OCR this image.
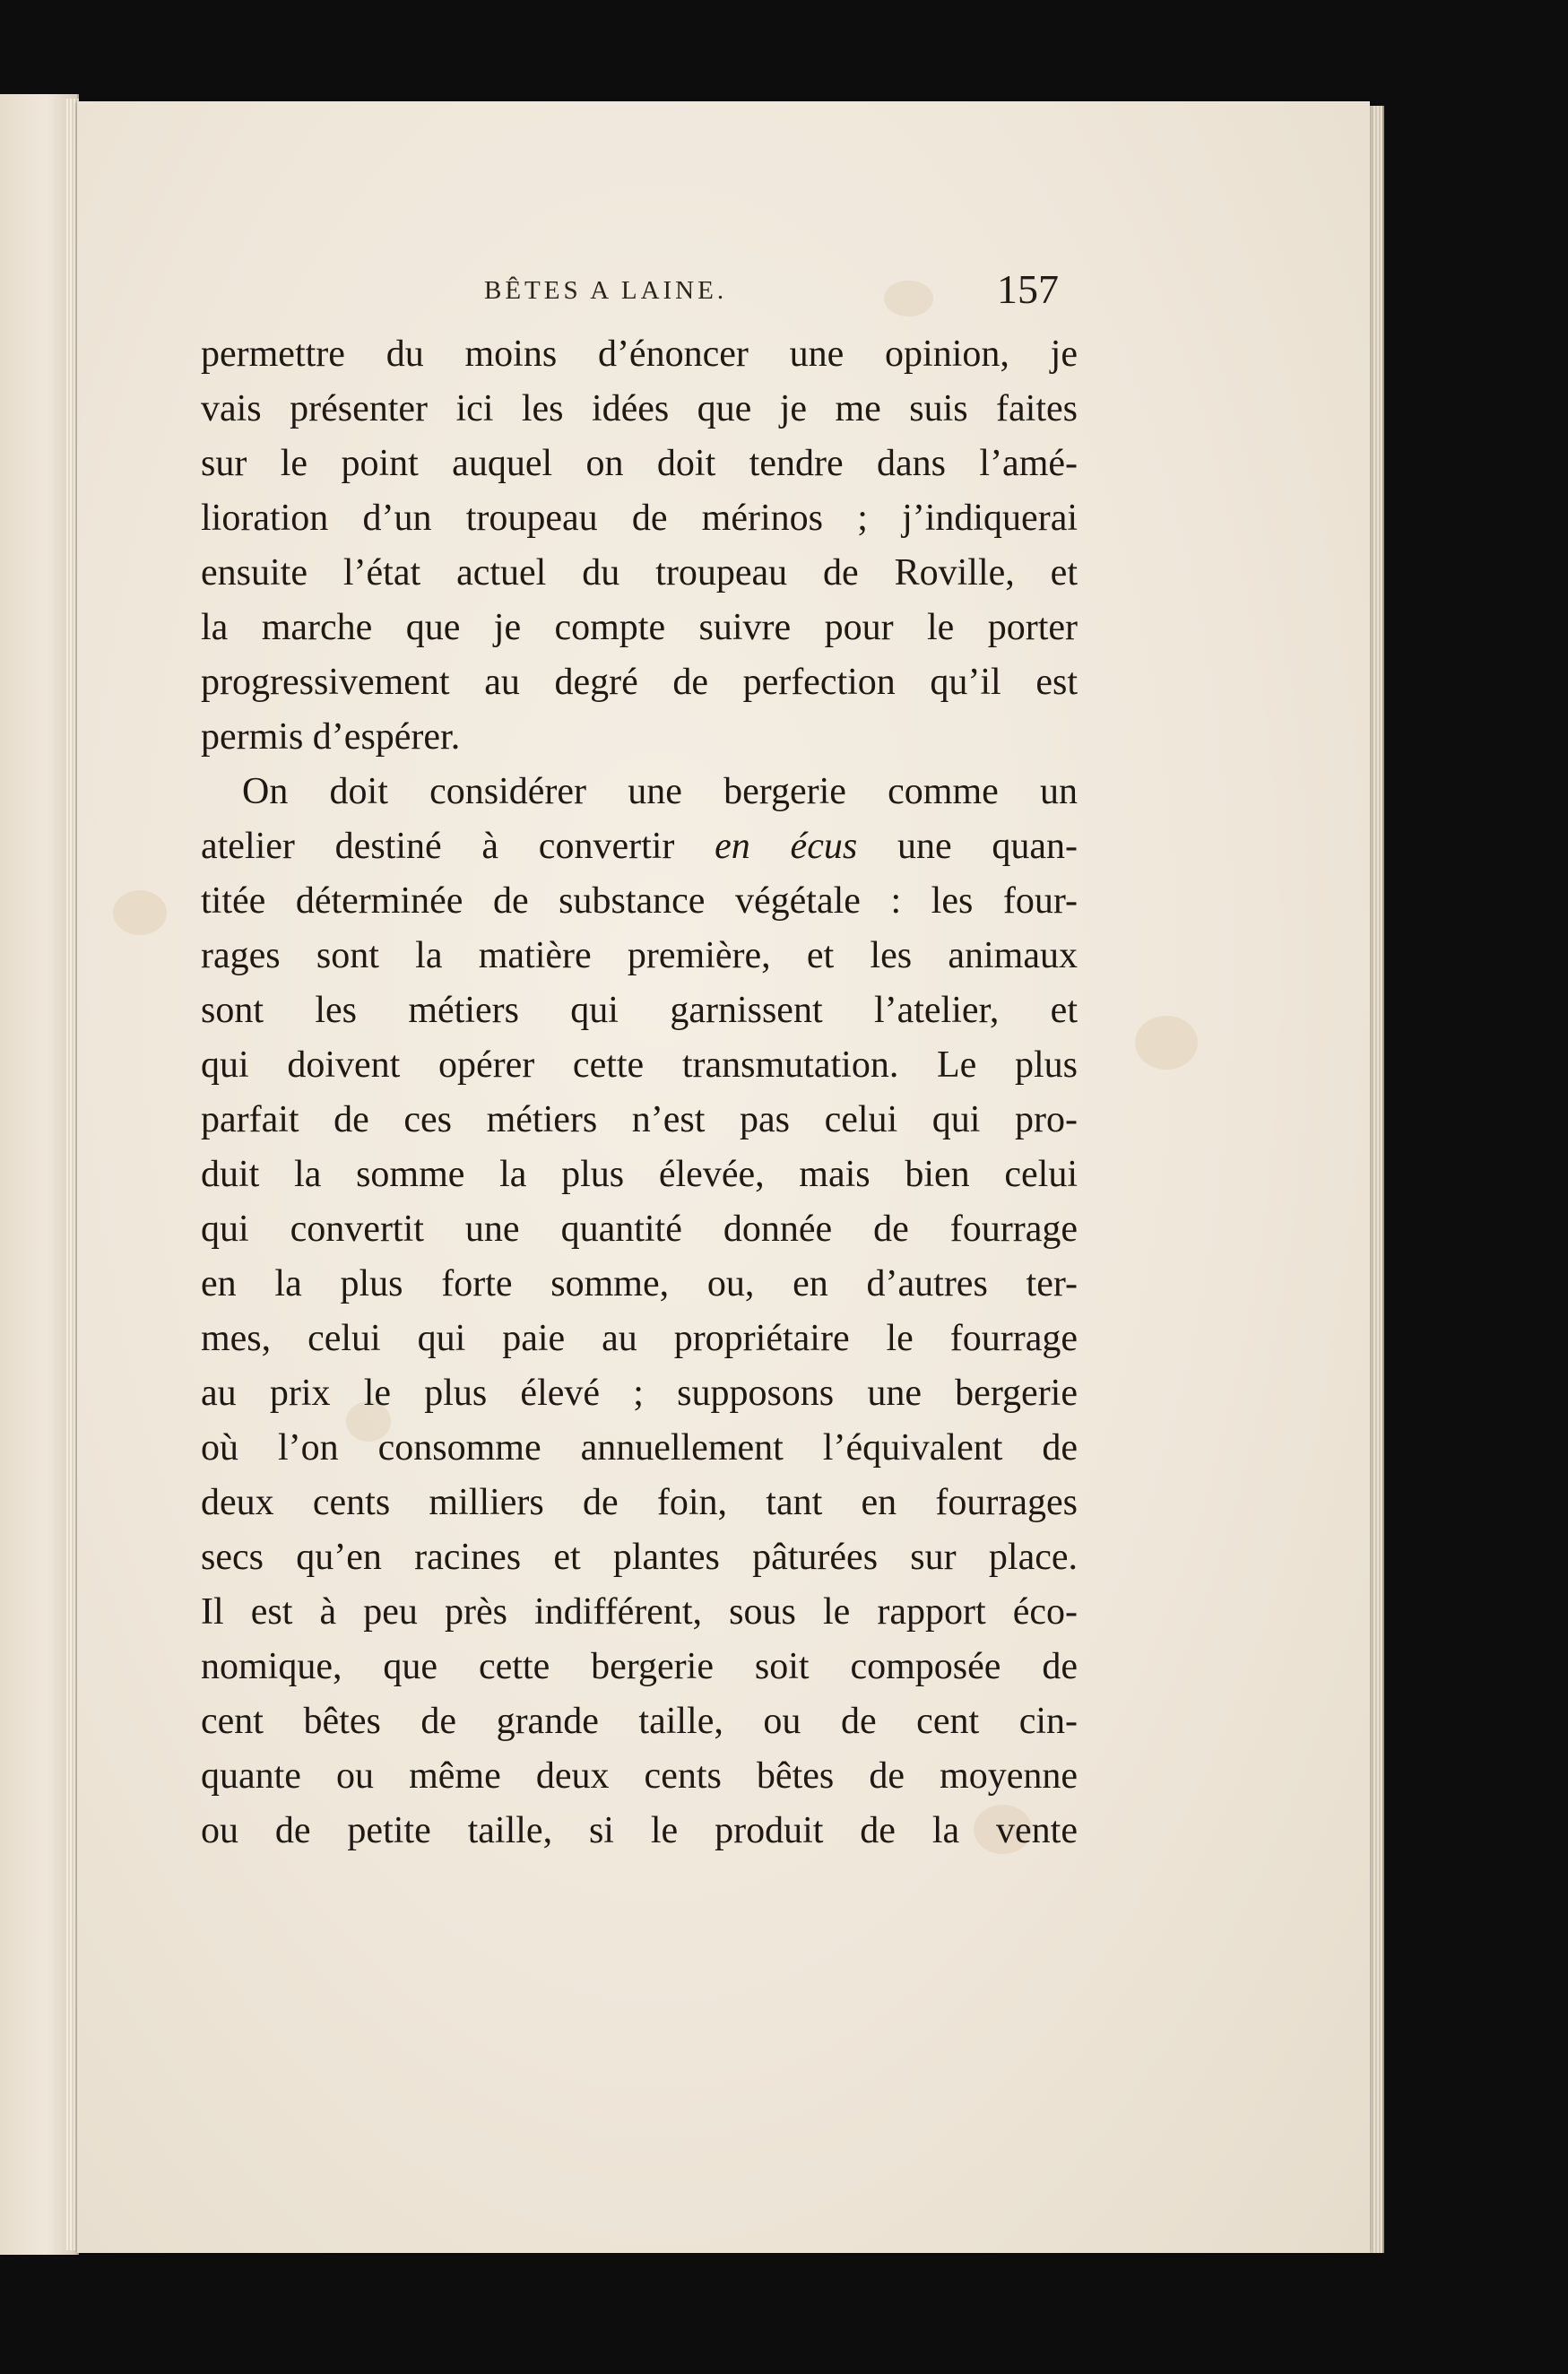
BÊTES A LAINE.	157
permettre du moins d’énoncer une opinion, je
vais présenter ici les idées que je me suis faites
sur le point auquel on doit tendre dans l’amé-
lioration d’un troupeau de mérinos ; j’indiquerai
ensuite l’état actuel du troupeau de Roville, et
la marche que je compte suivre pour le porter
progressivement au degré de perfection qu’il est
permis d’espérer.
On doit considérer une bergerie comme un
atelier destiné à convertir en écus une quan-
titée déterminée de substance végétale : les four-
rages sont la matière première, et les animaux
sont les métiers qui garnissent l’atelier, et
qui doivent opérer cette transmutation. Le plus
parfait de ces métiers n’est pas celui qui pro-
duit la somme la plus élevée, mais bien celui
qui convertit une quantité donnée de fourrage
en la plus forte somme, ou, en d’autres ter-
mes, celui qui paie au propriétaire le fourrage
au prix le plus élevé ; supposons une bergerie
où l’on consomme annuellement l’équivalent de
deux cents milliers de foin, tant en fourrages
secs qu’en racines et plantes pâturées sur place.
Il est à peu près indifférent, sous le rapport éco-
nomique, que cette bergerie soit composée de
cent bêtes de grande taille, ou de cent cin-
quante ou même deux cents bêtes de moyenne
ou de petite taille, si le produit de la vente
